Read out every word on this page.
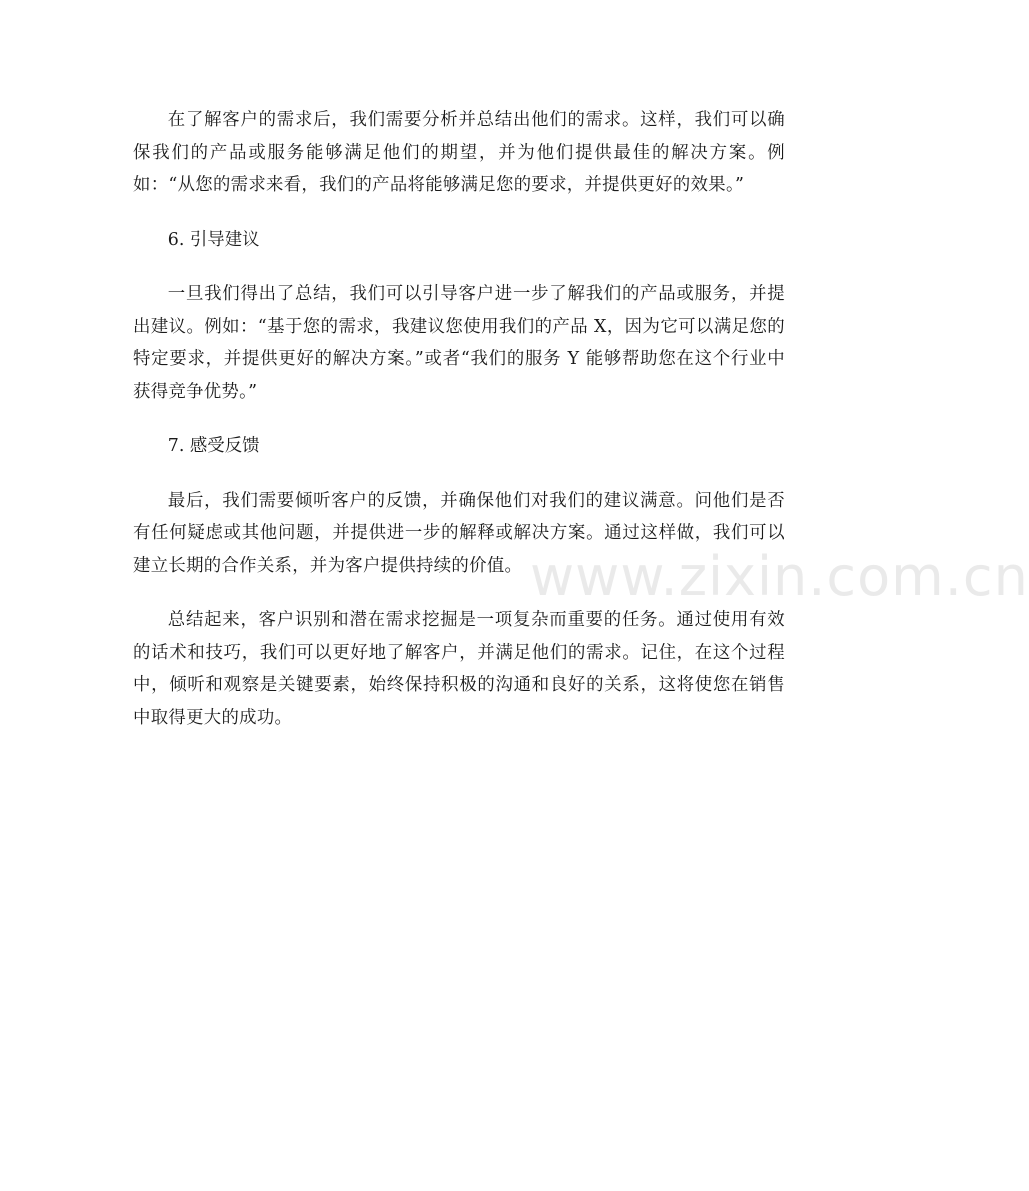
在了解客户的需求后，我们需要分析并总结出他们的需求。这样，我们可以确保我们的产品或服务能够满足他们的期望，并为他们提供最佳的解决方案。例如：“从您的需求来看，我们的产品将能够满足您的要求，并提供更好的效果。”

6. 引导建议

一旦我们得出了总结，我们可以引导客户进一步了解我们的产品或服务，并提出建议。例如：“基于您的需求，我建议您使用我们的产品 X，因为它可以满足您的特定要求，并提供更好的解决方案。”或者“我们的服务 Y 能够帮助您在这个行业中获得竞争优势。”

7. 感受反馈

最后，我们需要倾听客户的反馈，并确保他们对我们的建议满意。问他们是否有任何疑虑或其他问题，并提供进一步的解释或解决方案。通过这样做，我们可以建立长期的合作关系，并为客户提供持续的价值。

总结起来，客户识别和潜在需求挖掘是一项复杂而重要的任务。通过使用有效的话术和技巧，我们可以更好地了解客户，并满足他们的需求。记住，在这个过程中，倾听和观察是关键要素，始终保持积极的沟通和良好的关系，这将使您在销售中取得更大的成功。

www.zixin.com.cn
